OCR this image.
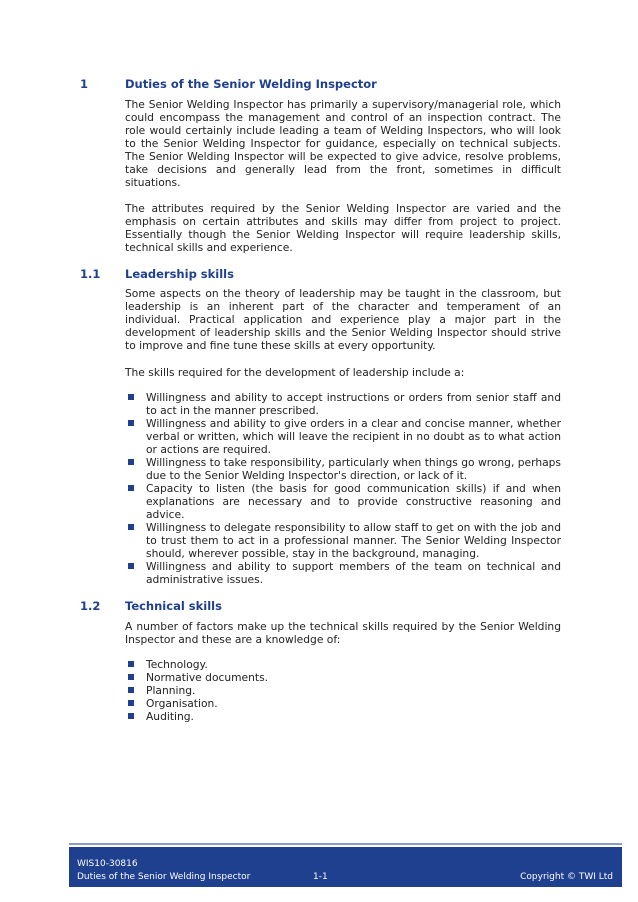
1	Duties of the Senior Welding Inspector
The Senior Welding Inspector has primarily a supervisory/managerial role, which could encompass the management and control of an inspection contract. The role would certainly include leading a team of Welding Inspectors, who will look to the Senior Welding Inspector for guidance, especially on technical subjects. The Senior Welding Inspector will be expected to give advice, resolve problems, take decisions and generally lead from the front, sometimes in difficult situations.
The attributes required by the Senior Welding Inspector are varied and the emphasis on certain attributes and skills may differ from project to project. Essentially though the Senior Welding Inspector will require leadership skills, technical skills and experience.
1.1 Leadership skills
Some aspects on the theory of leadership may be taught in the classroom, but leadership is an inherent part of the character and temperament of an individual. Practical application and experience play a major part in the development of leadership skills and the Senior Welding Inspector should strive to improve and fine tune these skills at every opportunity.
The skills required for the development of leadership include a:
Willingness and ability to accept instructions or orders from senior staff and to act in the manner prescribed.
Willingness and ability to give orders in a clear and concise manner, whether verbal or written, which will leave the recipient in no doubt as to what action or actions are required.
Willingness to take responsibility, particularly when things go wrong, perhaps due to the Senior Welding Inspector's direction, or lack of it.
Capacity to listen (the basis for good communication skills) if and when explanations are necessary and to provide constructive reasoning and advice.
Willingness to delegate responsibility to allow staff to get on with the job and to trust them to act in a professional manner. The Senior Welding Inspector should, wherever possible, stay in the background, managing.
Willingness and ability to support members of the team on technical and administrative issues.
1.2 Technical skills
A number of factors make up the technical skills required by the Senior Welding Inspector and these are a knowledge of:
Technology.
Normative documents.
Planning.
Organisation.
Auditing.
WIS10-30816
Duties of the Senior Welding Inspector	1-1	Copyright © TWI Ltd
